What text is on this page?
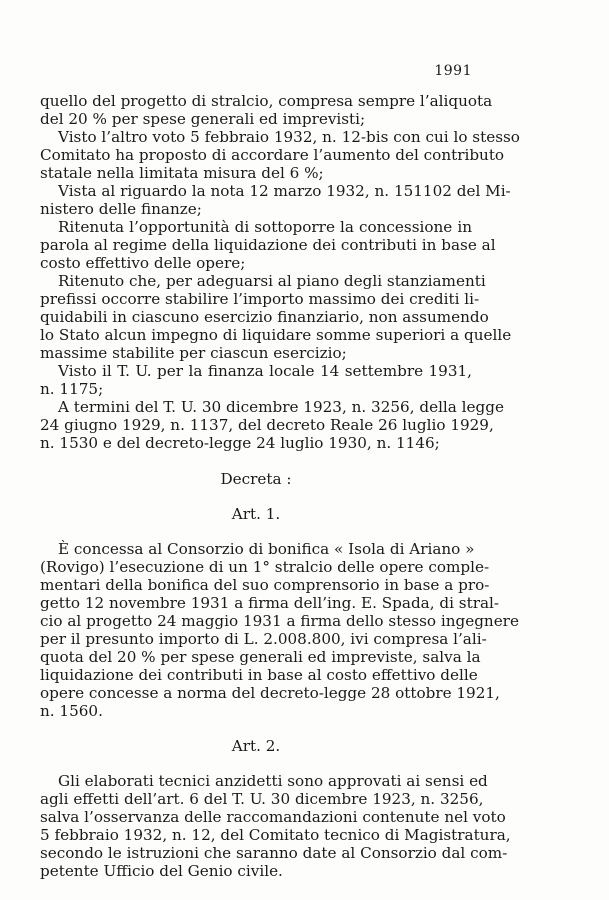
1991
quello del progetto di stralcio, compresa sempre l’aliquota
del 20 % per spese generali ed imprevisti;
Visto l’altro voto 5 febbraio 1932, n. 12-bis con cui lo stesso
Comitato ha proposto di accordare l’aumento del contributo
statale nella limitata misura del 6 %;
Vista al riguardo la nota 12 marzo 1932, n. 151102 del Mi-
nistero delle finanze;
Ritenuta l’opportunità di sottoporre la concessione in
parola al regime della liquidazione dei contributi in base al
costo effettivo delle opere;
Ritenuto che, per adeguarsi al piano degli stanziamenti
prefissi occorre stabilire l’importo massimo dei crediti li-
quidabili in ciascuno esercizio finanziario, non assumendo
lo Stato alcun impegno di liquidare somme superiori a quelle
massime stabilite per ciascun esercizio;
Visto il T. U. per la finanza locale 14 settembre 1931,
n. 1175;
A termini del T. U. 30 dicembre 1923, n. 3256, della legge
24 giugno 1929, n. 1137, del decreto Reale 26 luglio 1929,
n. 1530 e del decreto-legge 24 luglio 1930, n. 1146;
Decreta :
Art. 1.
È concessa al Consorzio di bonifica « Isola di Ariano »
(Rovigo) l’esecuzione di un 1° stralcio delle opere comple-
mentari della bonifica del suo comprensorio in base a pro-
getto 12 novembre 1931 a firma dell’ing. E. Spada, di stral-
cio al progetto 24 maggio 1931 a firma dello stesso ingegnere
per il presunto importo di L. 2.008.800, ivi compresa l’ali-
quota del 20 % per spese generali ed impreviste, salva la
liquidazione dei contributi in base al costo effettivo delle
opere concesse a norma del decreto-legge 28 ottobre 1921,
n. 1560.
Art. 2.
Gli elaborati tecnici anzidetti sono approvati ai sensi ed
agli effetti dell’art. 6 del T. U. 30 dicembre 1923, n. 3256,
salva l’osservanza delle raccomandazioni contenute nel voto
5 febbraio 1932, n. 12, del Comitato tecnico di Magistratura,
secondo le istruzioni che saranno date al Consorzio dal com-
petente Ufficio del Genio civile.
